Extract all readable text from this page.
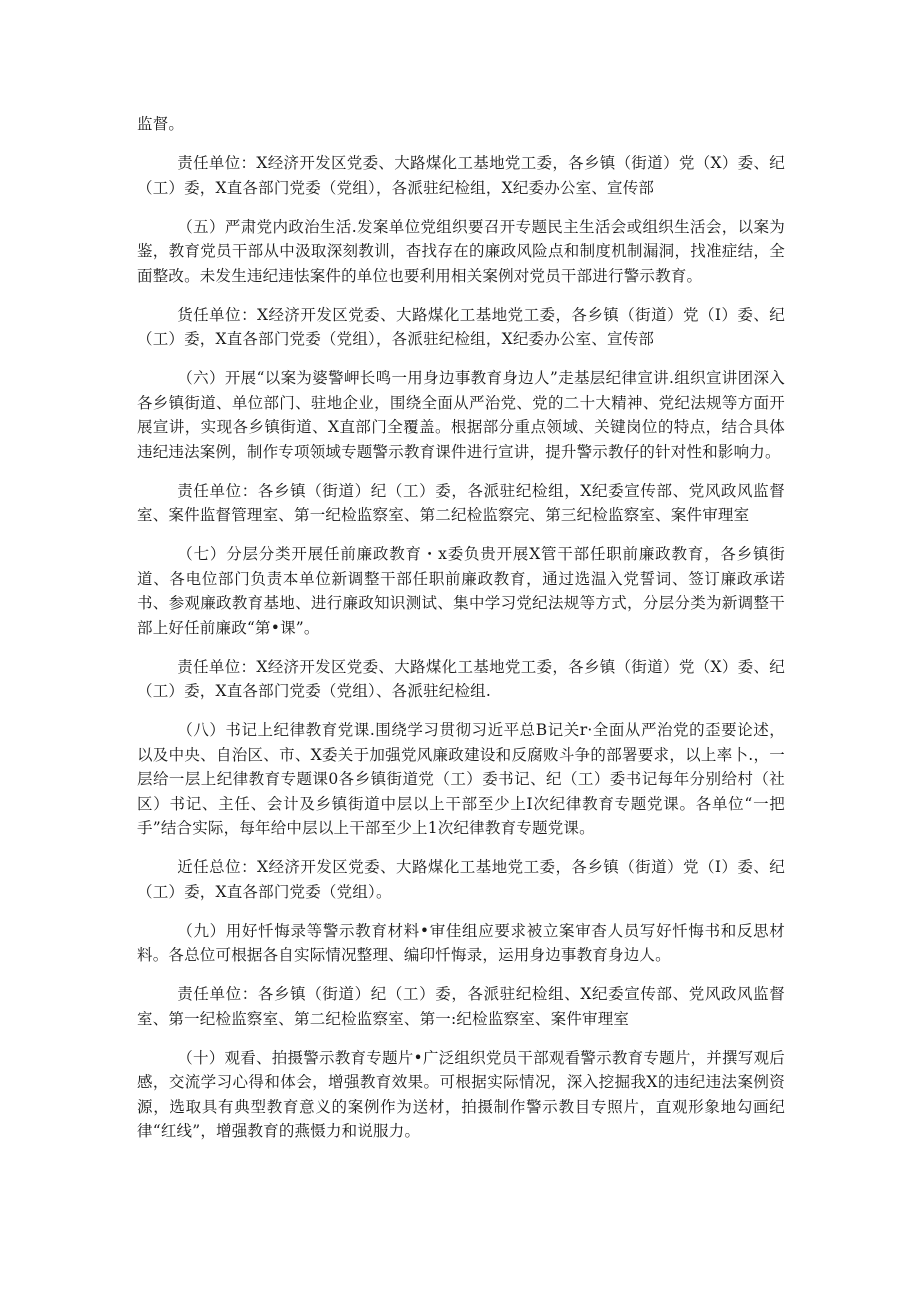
监督。

责任单位：X经济开发区党委、大路煤化工基地党工委，各乡镇（街道）党（X）委、纪（工）委，X直各部门党委（党组），各派驻纪检组，X纪委办公室、宣传部

（五）严肃党内政治生活.发案单位党组织要召开专题民主生活会或组织生活会，以案为鉴，教育党员干部从中汲取深刻教训，杳找存在的廉政风险点和制度机制漏洞，找准症结，全面整改。未发生违纪违怯案件的单位也要利用相关案例对党员干部进行警示教育。

货任单位：X经济开发区党委、大路煤化工基地党工委，各乡镇（街道）党（I）委、纪（工）委，X直各部门党委（党组），各派驻纪检组，X纪委办公室、宣传部

（六）开展“以案为婆警岬长鸣一用身边事教育身边人”走基层纪律宣讲.组织宣讲团深入各乡镇街道、单位部门、驻地企业，围绕全面从严治党、党的二十大精神、党纪法规等方面开展宣讲，实现各乡镇街道、X直部门全覆盖。根据部分重点领域、关键岗位的特点，结合具体违纪违法案例，制作专项领域专题警示教育课件进行宣讲，提升警示教仔的针对性和影响力。

责任单位：各乡镇（街道）纪（工）委，各派驻纪检组，X纪委宣传部、党风政风监督室、案件监督管理室、第一纪检监察室、第二纪检监察完、第三纪检监察室、案件审理室

（七）分层分类开展任前廉政教育・x委负贵开展X管干部任职前廉政教育，各乡镇街道、各电位部门负责本单位新调整干部任职前廉政教育，通过选温入党誓词、签订廉政承诺书、参观廉政教育基地、进行廉政知识测试、集中学习党纪法规等方式，分层分类为新调整干部上好任前廉政“第•课”。

责任单位：X经济开发区党委、大路煤化工基地党工委，各乡镇（街道）党（X）委、纪（工）委，X直各部门党委（党组）、各派驻纪检组.

（八）书记上纪律教育党课.围绕学习贯彻习近平总B记关r·全面从严治党的歪要论述，以及中央、自治区、市、X委关于加强党风廉政建设和反腐败斗争的部署要求，以上率卜.，一层给一层上纪律教育专题课0各乡镇街道党（工）委书记、纪（工）委书记每年分别给村（社区）书记、主任、会计及乡镇街道中层以上干部至少上I次纪律教育专题党课。各单位“一把手”结合实际，每年给中层以上干部至少上1次纪律教育专题党课。

近任总位：X经济开发区党委、大路煤化工基地党工委，各乡镇（街道）党（I）委、纪（工）委，X直各部门党委（党组）。

（九）用好忏悔录等警示教育材料•审佳组应要求被立案审杳人员写好忏悔书和反思材料。各总位可根据各自实际情况整理、编印忏悔录，运用身边事教育身边人。

责任单位：各乡镇（街道）纪（工）委，各派驻纪检组、X纪委宣传部、党风政风监督室、第一纪检监察室、第二纪检监察室、第一:纪检监察室、案件审理室

（十）观看、拍摄警示教育专题片•广泛组织党员干部观看警示教育专题片，并撰写观后感，交流学习心得和体会，增强教育效果。可根据实际情况，深入挖掘我X的违纪违法案例资源，选取具有典型教育意义的案例作为送材，拍摄制作警示教目专照片，直观形象地勾画纪律“红线”，增强教育的燕慑力和说服力。
